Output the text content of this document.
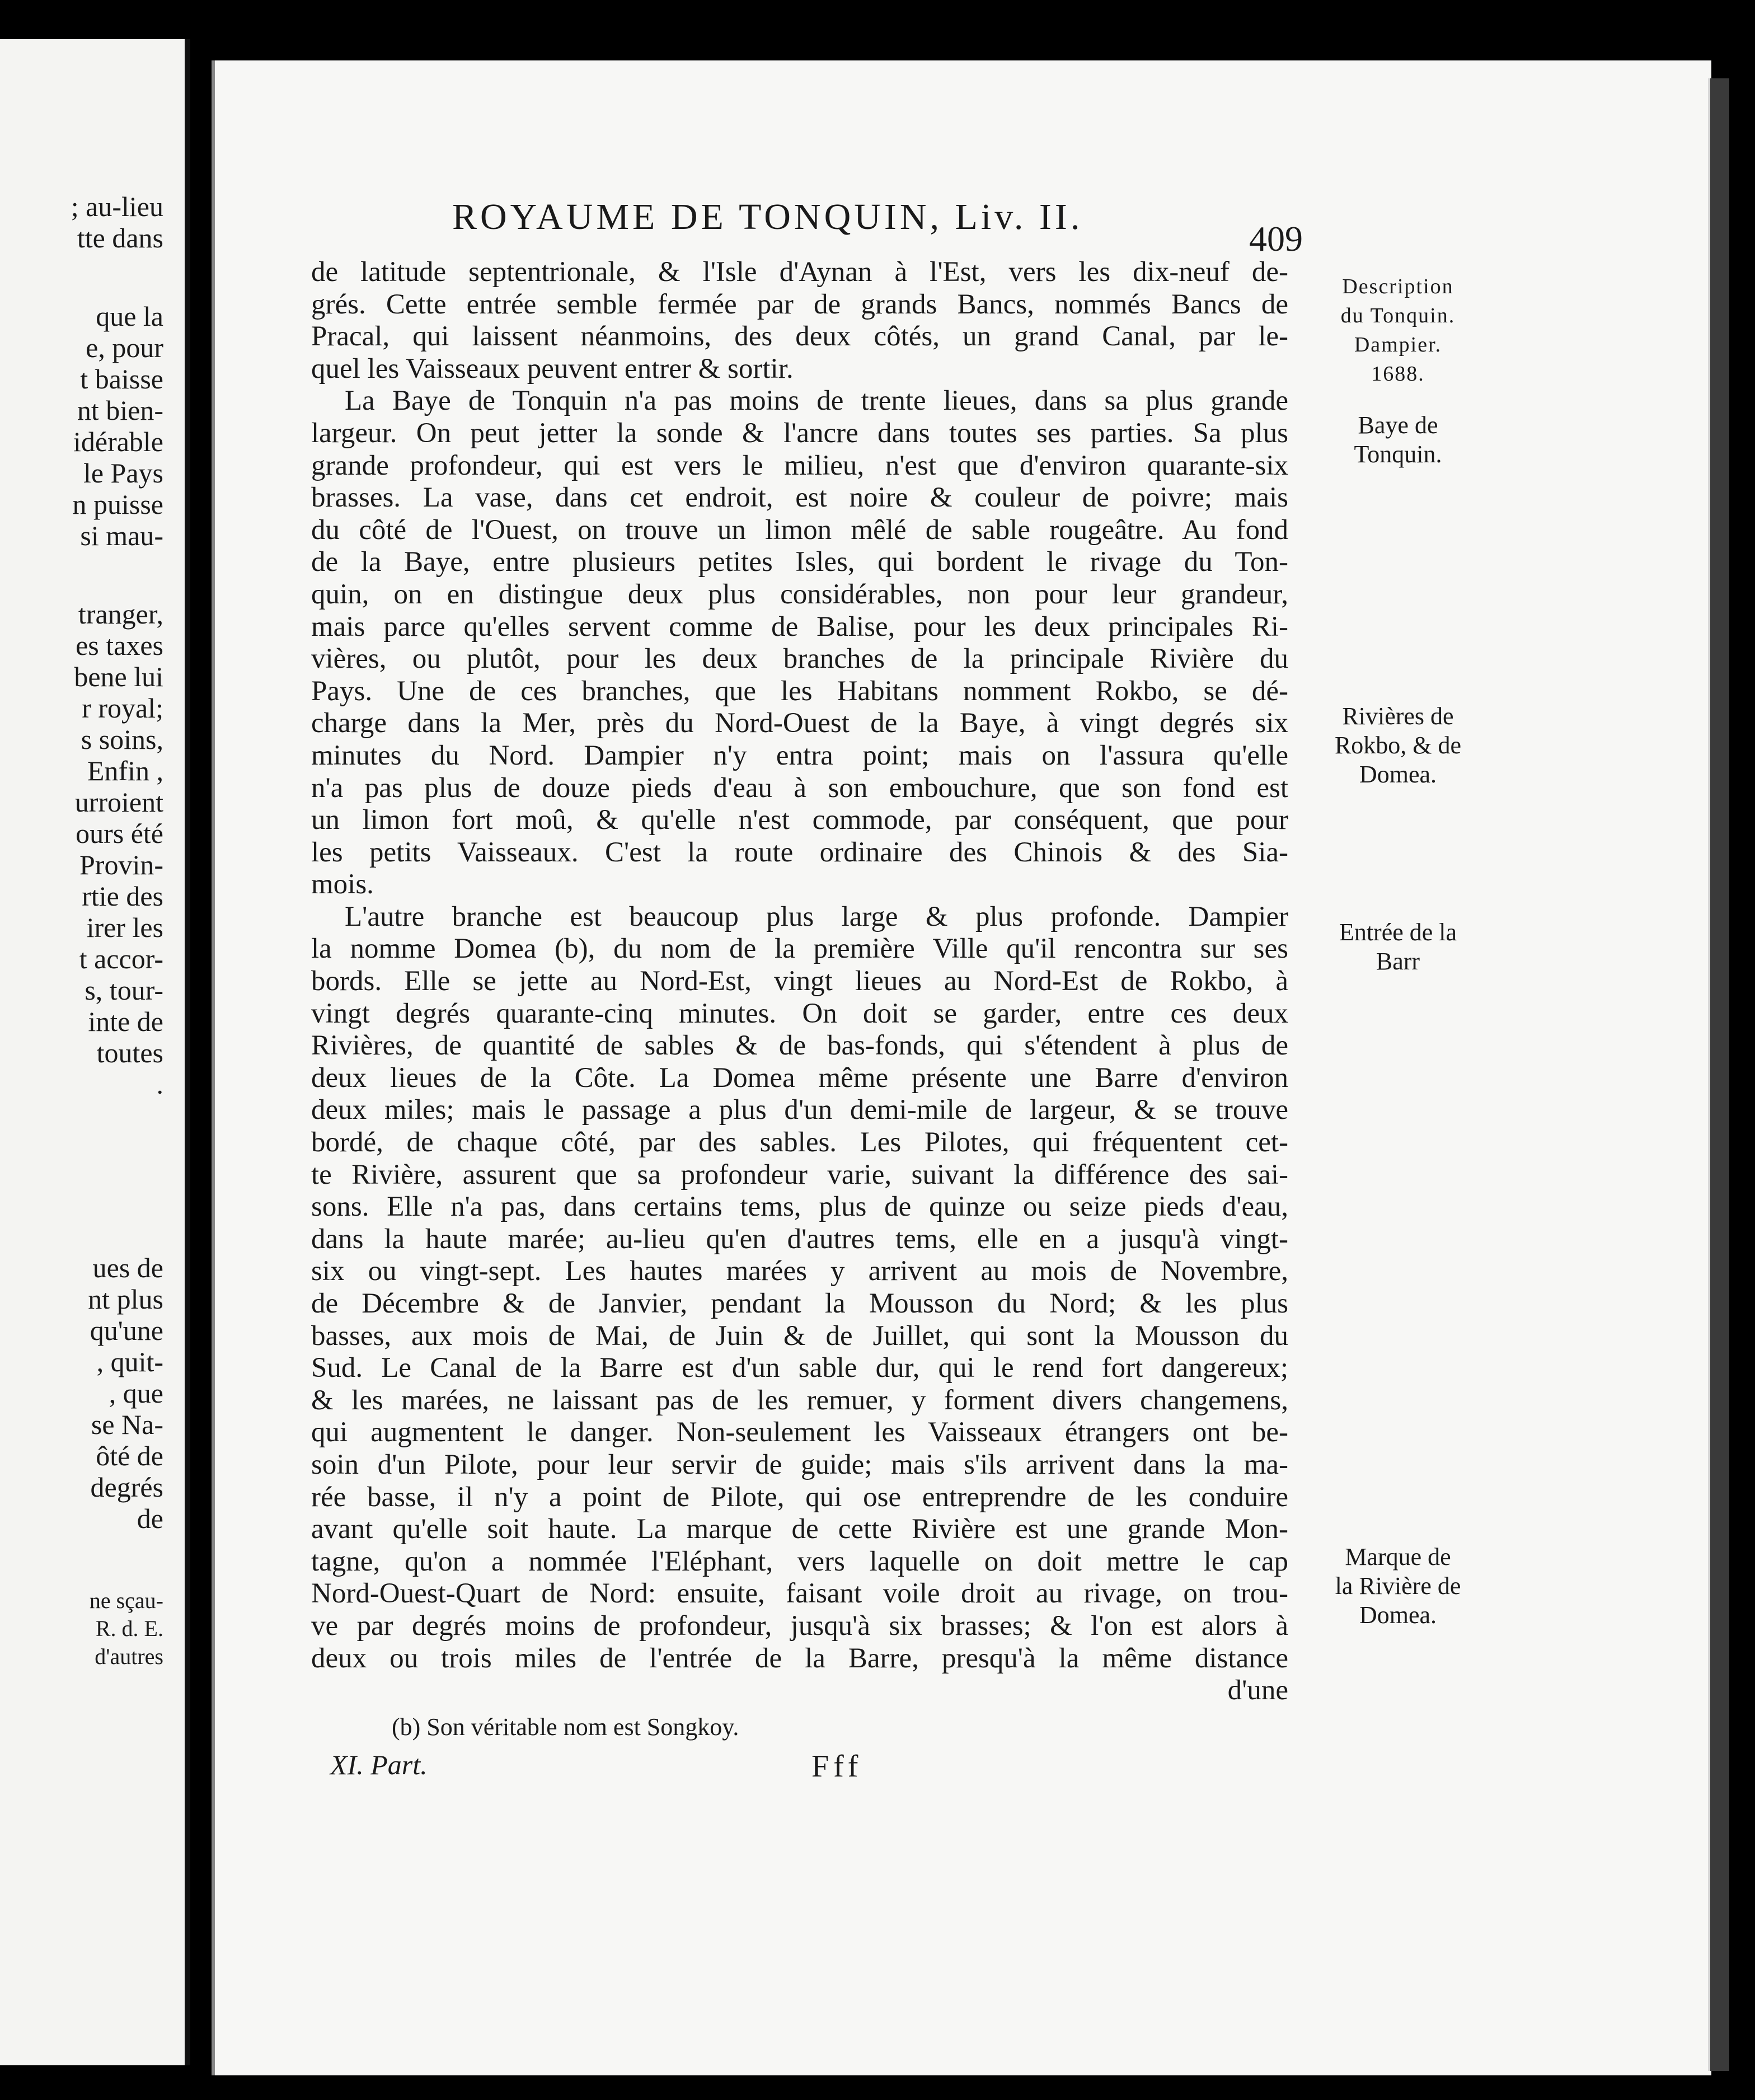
; au-lieu
tte dans
que la
e, pour
t baisse
nt bien-
idérable
le Pays
n puisse
si mau-
tranger,
es taxes
bene lui
r royal;
s soins,
Enfin ,
urroient
ours été
Provin-
rtie des
irer les
t accor-
s, tour-
inte de
toutes
.
ues de
nt plus
qu'une
, quit-
, que
se Na-
ôté de
degrés
de
ne sçau-
R. d. E.
d'autres
ROYAUME DE TONQUIN, Liv. II.
409
de latitude septentrionale, & l'Isle d'Aynan à l'Est, vers les dix-neuf de-
grés. Cette entrée semble fermée par de grands Bancs, nommés Bancs de
Pracal, qui laissent néanmoins, des deux côtés, un grand Canal, par le-
quel les Vaisseaux peuvent entrer & sortir.
La Baye de Tonquin n'a pas moins de trente lieues, dans sa plus grande
largeur. On peut jetter la sonde & l'ancre dans toutes ses parties. Sa plus
grande profondeur, qui est vers le milieu, n'est que d'environ quarante-six
brasses. La vase, dans cet endroit, est noire & couleur de poivre; mais
du côté de l'Ouest, on trouve un limon mêlé de sable rougeâtre. Au fond
de la Baye, entre plusieurs petites Isles, qui bordent le rivage du Ton-
quin, on en distingue deux plus considérables, non pour leur grandeur,
mais parce qu'elles servent comme de Balise, pour les deux principales Ri-
vières, ou plutôt, pour les deux branches de la principale Rivière du
Pays. Une de ces branches, que les Habitans nomment Rokbo, se dé-
charge dans la Mer, près du Nord-Ouest de la Baye, à vingt degrés six
minutes du Nord. Dampier n'y entra point; mais on l'assura qu'elle
n'a pas plus de douze pieds d'eau à son embouchure, que son fond est
un limon fort moû, & qu'elle n'est commode, par conséquent, que pour
les petits Vaisseaux. C'est la route ordinaire des Chinois & des Sia-
mois.
L'autre branche est beaucoup plus large & plus profonde. Dampier
la nomme Domea (b), du nom de la première Ville qu'il rencontra sur ses
bords. Elle se jette au Nord-Est, vingt lieues au Nord-Est de Rokbo, à
vingt degrés quarante-cinq minutes. On doit se garder, entre ces deux
Rivières, de quantité de sables & de bas-fonds, qui s'étendent à plus de
deux lieues de la Côte. La Domea même présente une Barre d'environ
deux miles; mais le passage a plus d'un demi-mile de largeur, & se trouve
bordé, de chaque côté, par des sables. Les Pilotes, qui fréquentent cet-
te Rivière, assurent que sa profondeur varie, suivant la différence des sai-
sons. Elle n'a pas, dans certains tems, plus de quinze ou seize pieds d'eau,
dans la haute marée; au-lieu qu'en d'autres tems, elle en a jusqu'à vingt-
six ou vingt-sept. Les hautes marées y arrivent au mois de Novembre,
de Décembre & de Janvier, pendant la Mousson du Nord; & les plus
basses, aux mois de Mai, de Juin & de Juillet, qui sont la Mousson du
Sud. Le Canal de la Barre est d'un sable dur, qui le rend fort dangereux;
& les marées, ne laissant pas de les remuer, y forment divers changemens,
qui augmentent le danger. Non-seulement les Vaisseaux étrangers ont be-
soin d'un Pilote, pour leur servir de guide; mais s'ils arrivent dans la ma-
rée basse, il n'y a point de Pilote, qui ose entreprendre de les conduire
avant qu'elle soit haute. La marque de cette Rivière est une grande Mon-
tagne, qu'on a nommée l'Eléphant, vers laquelle on doit mettre le cap
Nord-Ouest-Quart de Nord: ensuite, faisant voile droit au rivage, on trou-
ve par degrés moins de profondeur, jusqu'à six brasses; & l'on est alors à
deux ou trois miles de l'entrée de la Barre, presqu'à la même distance
d'une
Description
du Tonquin.
Dampier.
1688.
Baye de
Tonquin.
Rivières de
Rokbo, & de
Domea.
Entrée de la
Barr
Marque de
la Rivière de
Domea.
(b) Son véritable nom est Songkoy.
XI. Part.	Fff
